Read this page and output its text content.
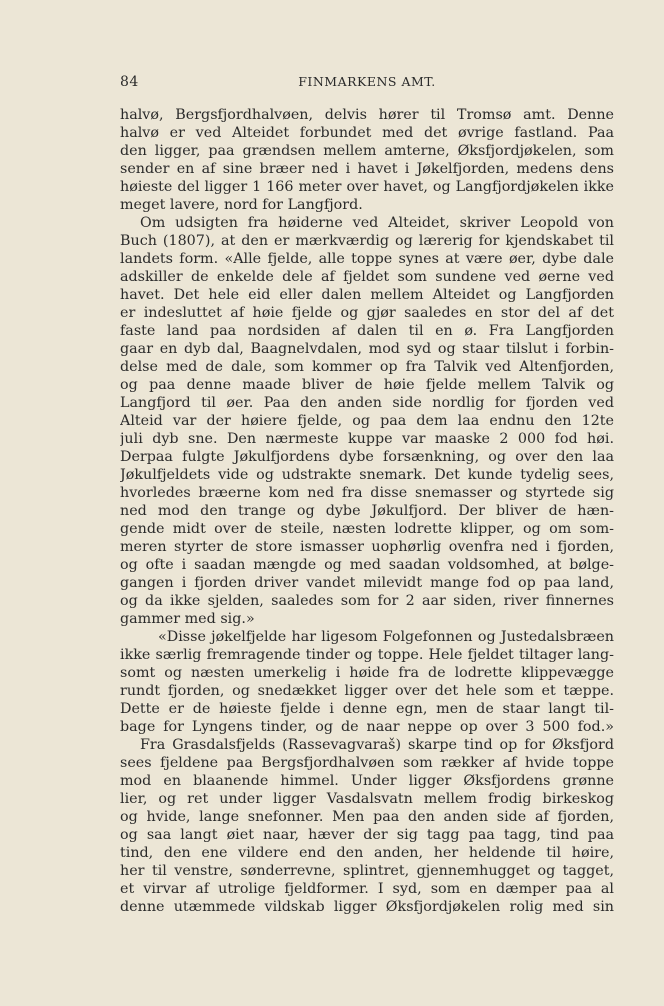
84	FINMARKENS AMT.
halvø, Bergsfjordhalvøen, delvis hører til Tromsø amt. Denne
halvø er ved Alteidet forbundet med det øvrige fastland. Paa
den ligger, paa grændsen mellem amterne, Øksfjordjøkelen, som
sender en af sine bræer ned i havet i Jøkelfjorden, medens dens
høieste del ligger 1 166 meter over havet, og Langfjordjøkelen ikke
meget lavere, nord for Langfjord.
Om udsigten fra høiderne ved Alteidet, skriver Leopold von
Buch (1807), at den er mærkværdig og lærerig for kjendskabet til
landets form. «Alle fjelde, alle toppe synes at være øer, dybe dale
adskiller de enkelde dele af fjeldet som sundene ved øerne ved
havet. Det hele eid eller dalen mellem Alteidet og Langfjorden
er indesluttet af høie fjelde og gjør saaledes en stor del af det
faste land paa nordsiden af dalen til en ø. Fra Langfjorden
gaar en dyb dal, Baagnelvdalen, mod syd og staar tilslut i forbin-
delse med de dale, som kommer op fra Talvik ved Altenfjorden,
og paa denne maade bliver de høie fjelde mellem Talvik og
Langfjord til øer. Paa den anden side nordlig for fjorden ved
Alteid var der høiere fjelde, og paa dem laa endnu den 12te
juli dyb sne. Den nærmeste kuppe var maaske 2 000 fod høi.
Derpaa fulgte Jøkulfjordens dybe forsænkning, og over den laa
Jøkulfjeldets vide og udstrakte snemark. Det kunde tydelig sees,
hvorledes bræerne kom ned fra disse snemasser og styrtede sig
ned mod den trange og dybe Jøkulfjord. Der bliver de hæn-
gende midt over de steile, næsten lodrette klipper, og om som-
meren styrter de store ismasser uophørlig ovenfra ned i fjorden,
og ofte i saadan mængde og med saadan voldsomhed, at bølge-
gangen i fjorden driver vandet milevidt mange fod op paa land,
og da ikke sjelden, saaledes som for 2 aar siden, river finnernes
gammer med sig.»
«Disse jøkelfjelde har ligesom Folgefonnen og Justedalsbræen
ikke særlig fremragende tinder og toppe. Hele fjeldet tiltager lang-
somt og næsten umerkelig i høide fra de lodrette klippevægge
rundt fjorden, og snedækket ligger over det hele som et tæppe.
Dette er de høieste fjelde i denne egn, men de staar langt til-
bage for Lyngens tinder, og de naar neppe op over 3 500 fod.»
Fra Grasdalsfjelds (Rassevagvaraš) skarpe tind op for Øksfjord
sees fjeldene paa Bergsfjordhalvøen som rækker af hvide toppe
mod en blaanende himmel. Under ligger Øksfjordens grønne
lier, og ret under ligger Vasdalsvatn mellem frodig birkeskog
og hvide, lange snefonner. Men paa den anden side af fjorden,
og saa langt øiet naar, hæver der sig tagg paa tagg, tind paa
tind, den ene vildere end den anden, her heldende til høire,
her til venstre, sønderrevne, splintret, gjennemhugget og tagget,
et virvar af utrolige fjeldformer. I syd, som en dæmper paa al
denne utæmmede vildskab ligger Øksfjordjøkelen rolig med sin
